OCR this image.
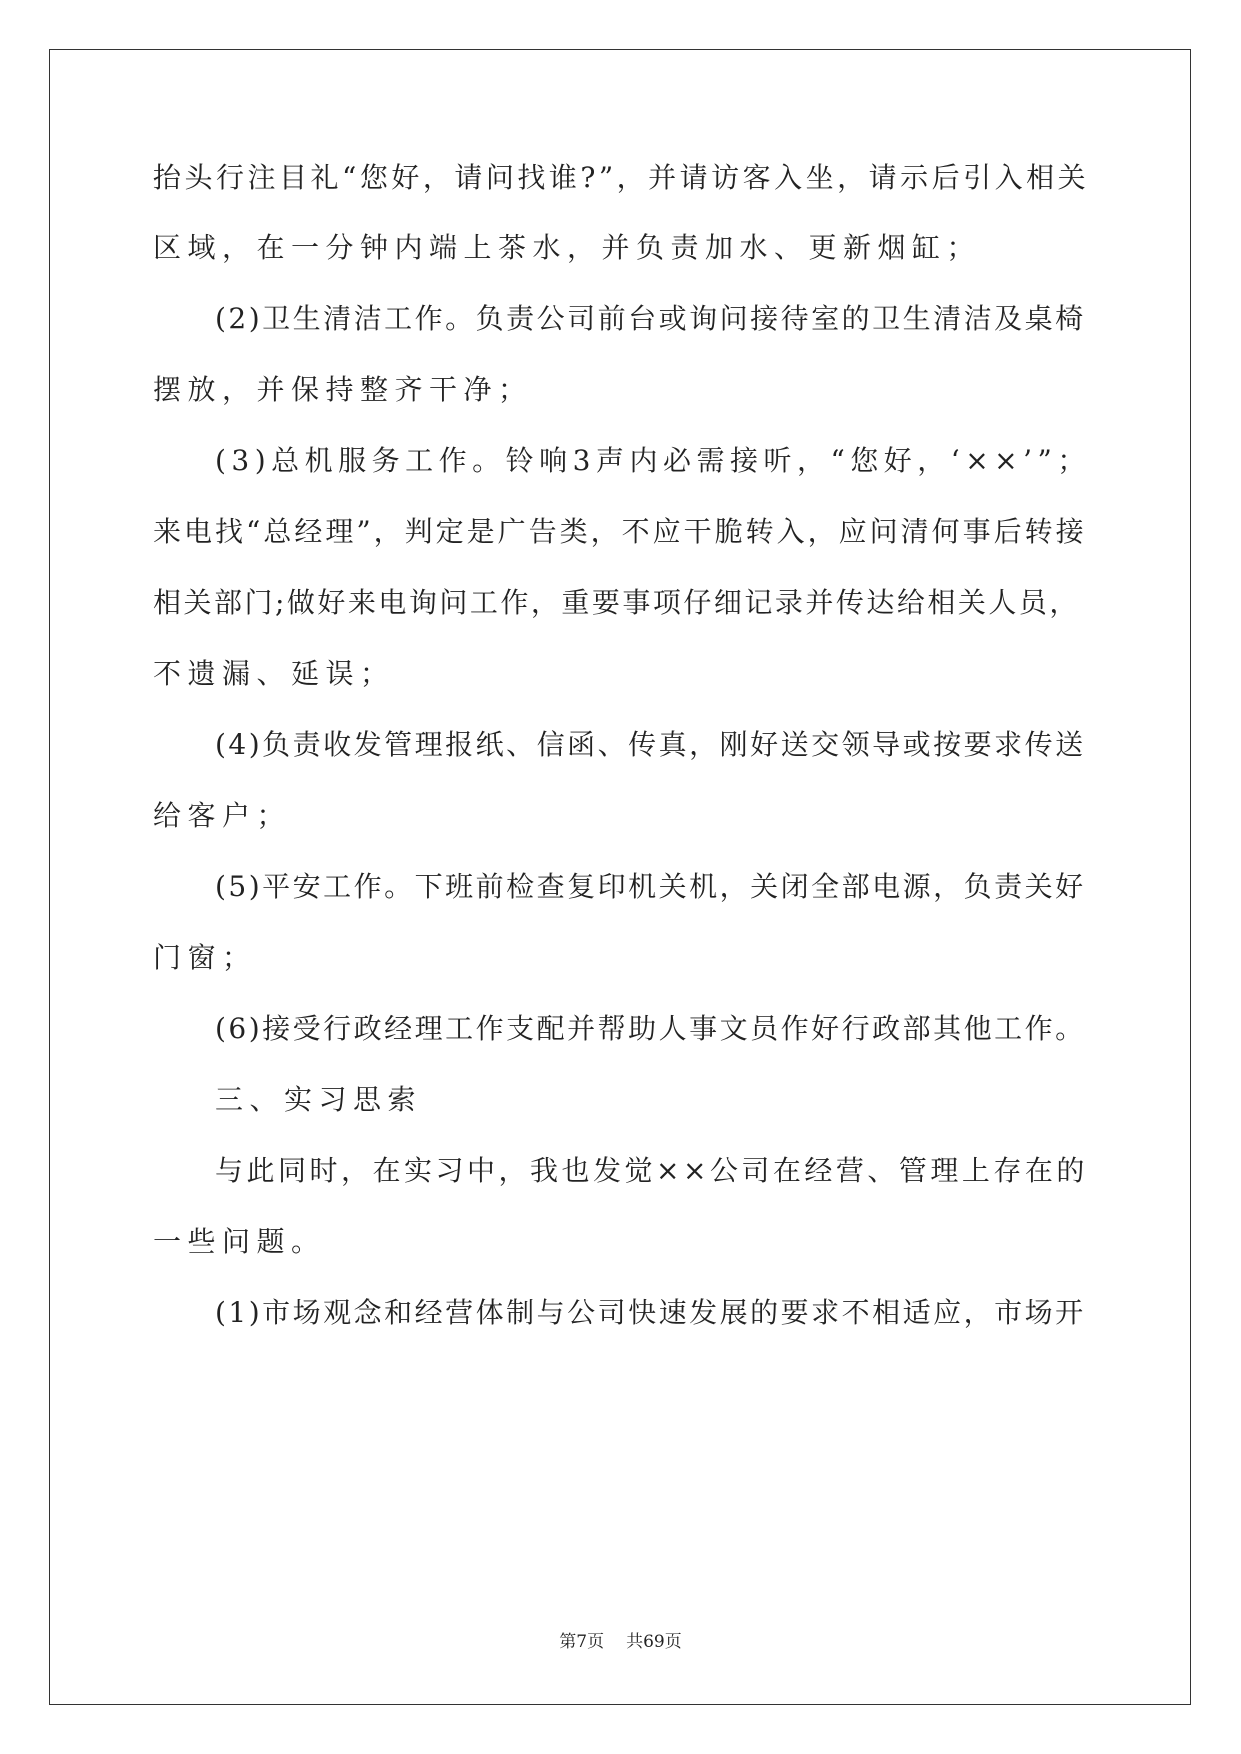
抬头行注目礼“您好，请问找谁?”，并请访客入坐，请示后引入相关
区域，在一分钟内端上茶水，并负责加水、更新烟缸；
(2)卫生清洁工作。负责公司前台或询问接待室的卫生清洁及桌椅
摆放，并保持整齐干净；
(3)总机服务工作。铃响3声内必需接听，“您好，‘××’”；
来电找“总经理”，判定是广告类，不应干脆转入，应问清何事后转接
相关部门;做好来电询问工作，重要事项仔细记录并传达给相关人员，
不遗漏、延误；
(4)负责收发管理报纸、信函、传真，刚好送交领导或按要求传送
给客户；
(5)平安工作。下班前检查复印机关机，关闭全部电源，负责关好
门窗；
(6)接受行政经理工作支配并帮助人事文员作好行政部其他工作。
三、实习思索
与此同时，在实习中，我也发觉××公司在经营、管理上存在的
一些问题。
(1)市场观念和经营体制与公司快速发展的要求不相适应，市场开
第7页 共69页
